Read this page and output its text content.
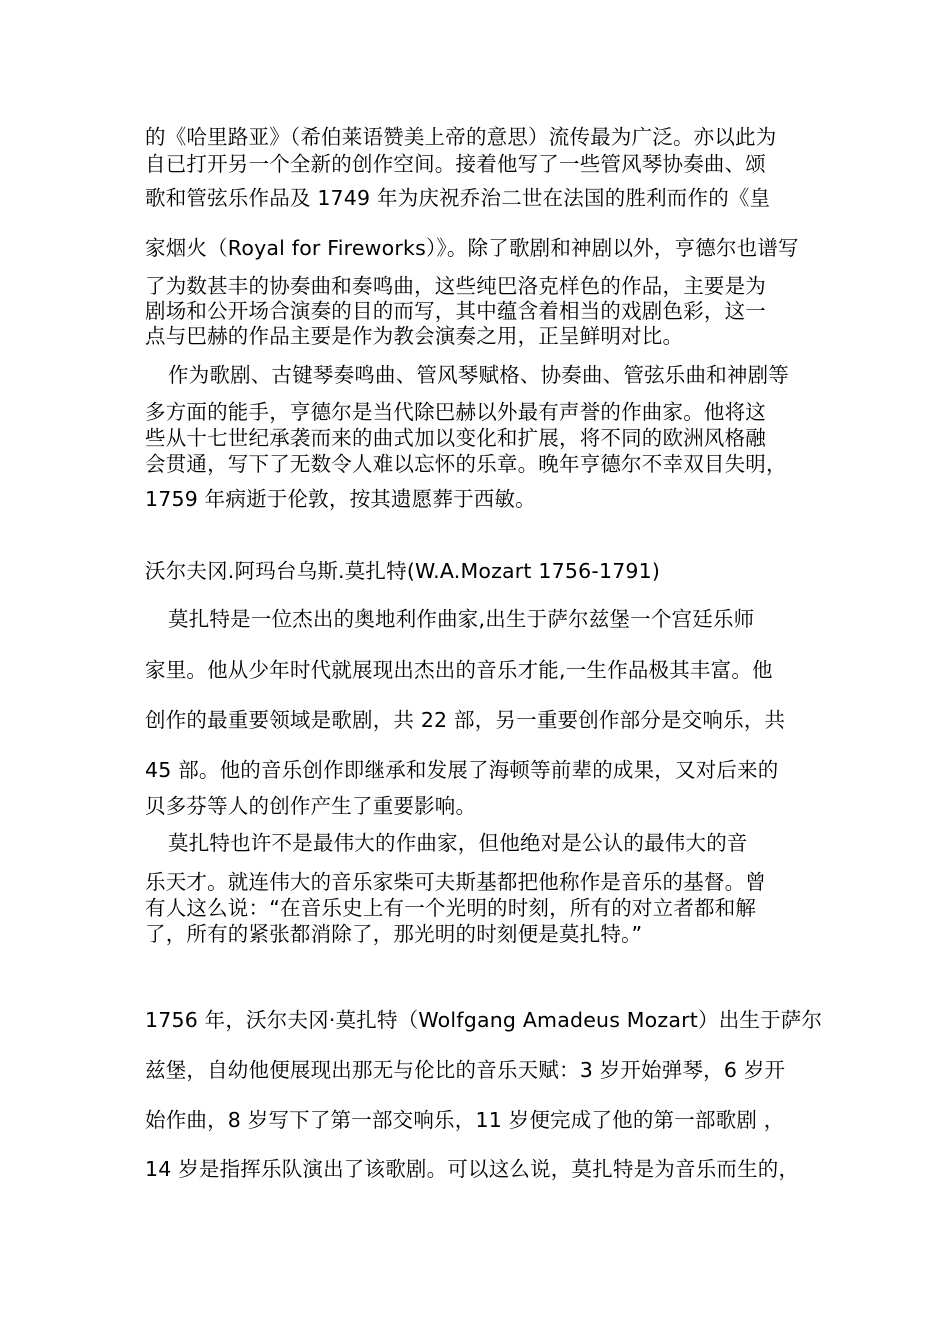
的《哈里路亚》（希伯莱语赞美上帝的意思）流传最为广泛。亦以此为
自已打开另一个全新的创作空间。接着他写了一些管风琴协奏曲、颂
歌和管弦乐作品及 1749 年为庆祝乔治二世在法国的胜利而作的《皇
家烟火（Royal for Fireworks）》。除了歌剧和神剧以外，亨德尔也谱写
了为数甚丰的协奏曲和奏鸣曲，这些纯巴洛克样色的作品，主要是为
剧场和公开场合演奏的目的而写，其中蕴含着相当的戏剧色彩，这一
点与巴赫的作品主要是作为教会演奏之用，正呈鲜明对比。
作为歌剧、古键琴奏鸣曲、管风琴赋格、协奏曲、管弦乐曲和神剧等
多方面的能手，亨德尔是当代除巴赫以外最有声誉的作曲家。他将这
些从十七世纪承袭而来的曲式加以变化和扩展，将不同的欧洲风格融
会贯通，写下了无数令人难以忘怀的乐章。晚年亨德尔不幸双目失明，
1759 年病逝于伦敦，按其遗愿葬于西敏。
沃尔夫冈.阿玛台乌斯.莫扎特(W.A.Mozart 1756-1791)
莫扎特是一位杰出的奥地利作曲家,出生于萨尔兹堡一个宫廷乐师
家里。他从少年时代就展现出杰出的音乐才能,一生作品极其丰富。他
创作的最重要领域是歌剧，共 22 部，另一重要创作部分是交响乐，共
45 部。他的音乐创作即继承和发展了海顿等前辈的成果，又对后来的
贝多芬等人的创作产生了重要影响。
莫扎特也许不是最伟大的作曲家，但他绝对是公认的最伟大的音
乐天才。就连伟大的音乐家柴可夫斯基都把他称作是音乐的基督。曾
有人这么说：“在音乐史上有一个光明的时刻，所有的对立者都和解
了，所有的紧张都消除了，那光明的时刻便是莫扎特。”
1756 年，沃尔夫冈·莫扎特（Wolfgang Amadeus Mozart）出生于萨尔
兹堡，自幼他便展现出那无与伦比的音乐天赋：3 岁开始弹琴，6 岁开
始作曲，8 岁写下了第一部交响乐，11 岁便完成了他的第一部歌剧 ，
14 岁是指挥乐队演出了该歌剧。可以这么说，莫扎特是为音乐而生的，
